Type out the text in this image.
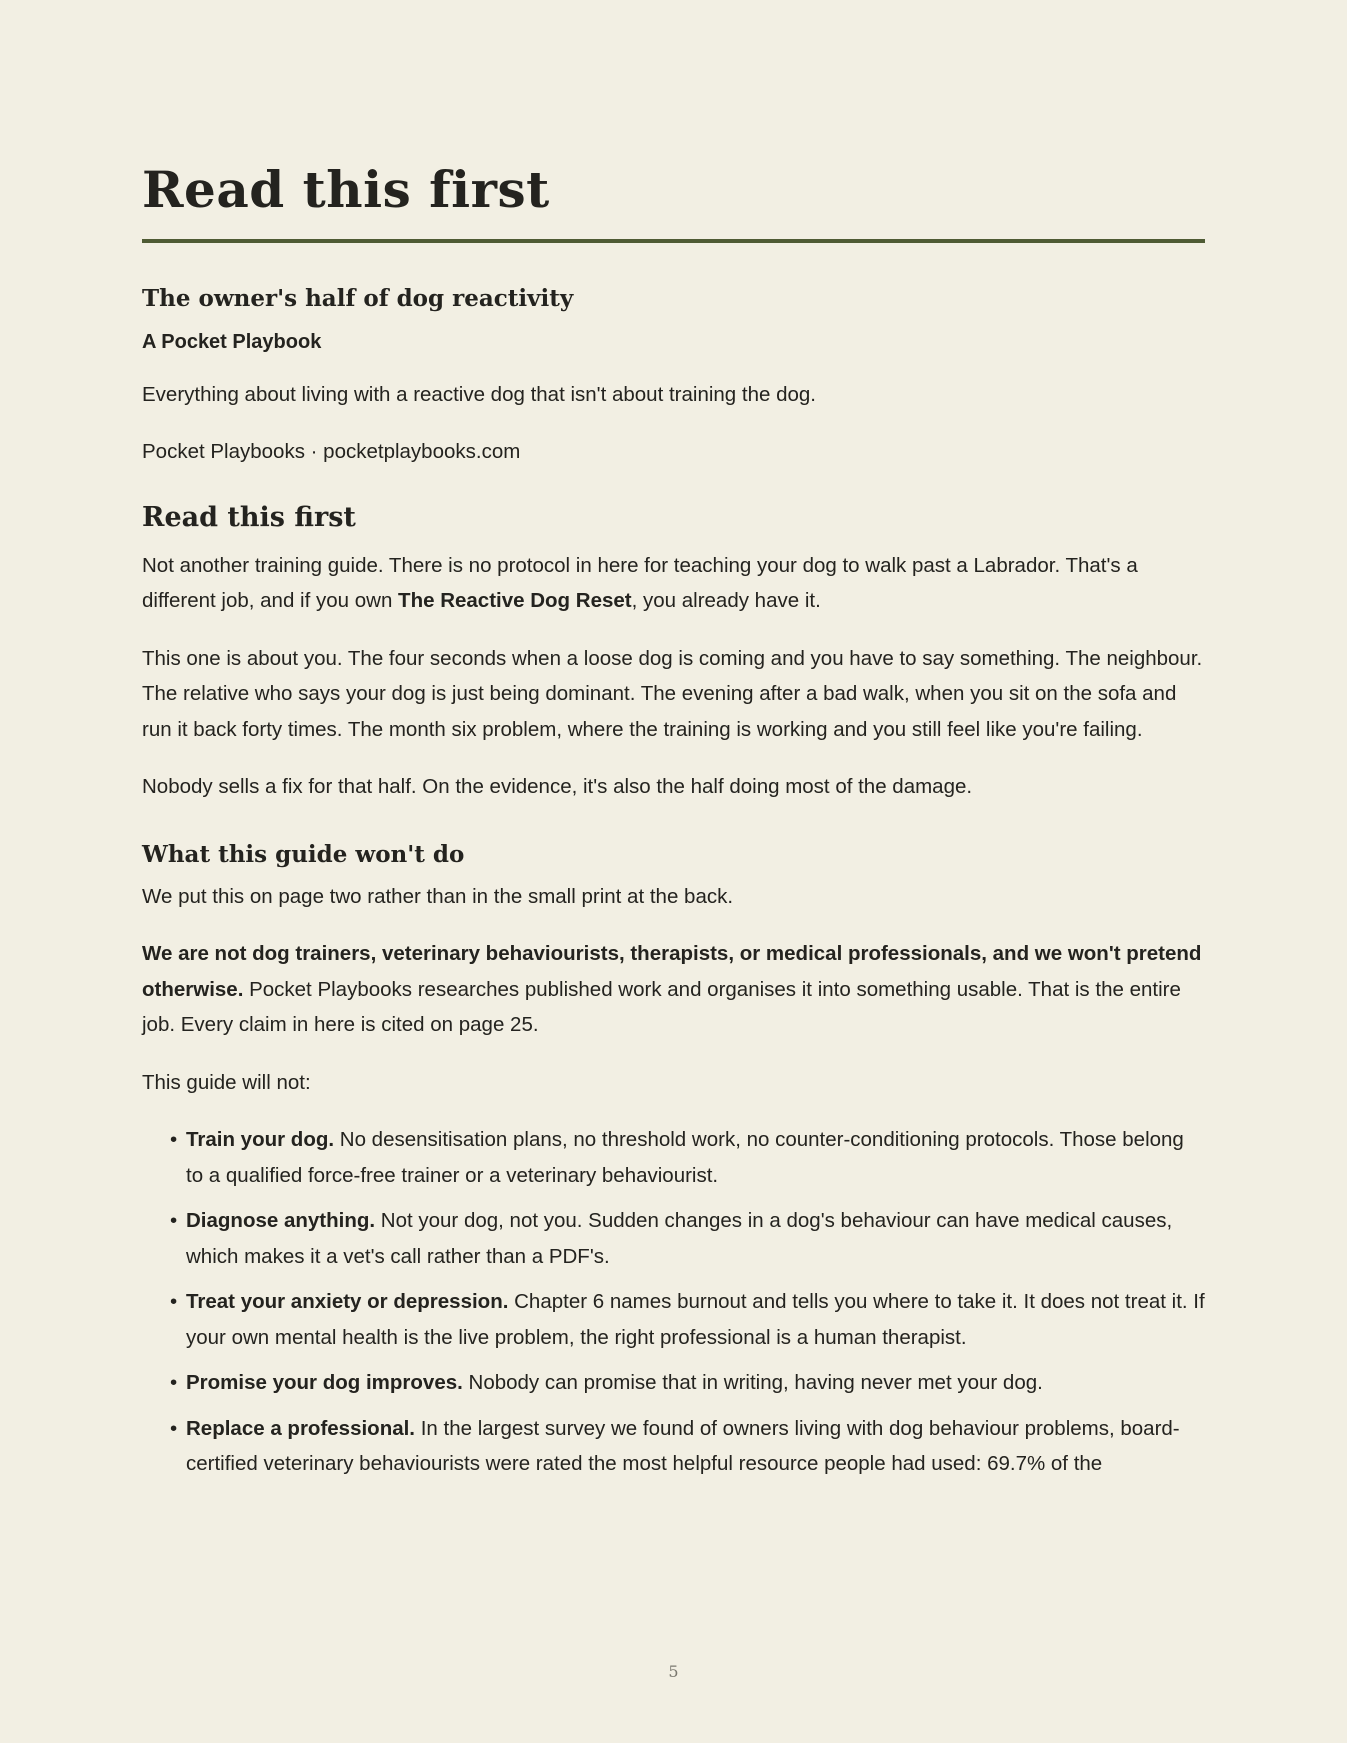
Read this first
The owner's half of dog reactivity
A Pocket Playbook

Everything about living with a reactive dog that isn't about training the dog.

Pocket Playbooks · pocketplaybooks.com

Read this first

Not another training guide. There is no protocol in here for teaching your dog to walk past a Labrador. That's a different job, and if you own The Reactive Dog Reset, you already have it.

This one is about you. The four seconds when a loose dog is coming and you have to say something. The neighbour. The relative who says your dog is just being dominant. The evening after a bad walk, when you sit on the sofa and run it back forty times. The month six problem, where the training is working and you still feel like you're failing.

Nobody sells a fix for that half. On the evidence, it's also the half doing most of the damage.

What this guide won't do

We put this on page two rather than in the small print at the back.

We are not dog trainers, veterinary behaviourists, therapists, or medical professionals, and we won't pretend otherwise. Pocket Playbooks researches published work and organises it into something usable. That is the entire job. Every claim in here is cited on page 25.

This guide will not:

• Train your dog. No desensitisation plans, no threshold work, no counter-conditioning protocols. Those belong to a qualified force-free trainer or a veterinary behaviourist.
• Diagnose anything. Not your dog, not you. Sudden changes in a dog's behaviour can have medical causes, which makes it a vet's call rather than a PDF's.
• Treat your anxiety or depression. Chapter 6 names burnout and tells you where to take it. It does not treat it. If your own mental health is the live problem, the right professional is a human therapist.
• Promise your dog improves. Nobody can promise that in writing, having never met your dog.
• Replace a professional. In the largest survey we found of owners living with dog behaviour problems, board-certified veterinary behaviourists were rated the most helpful resource people had used: 69.7% of the
5
